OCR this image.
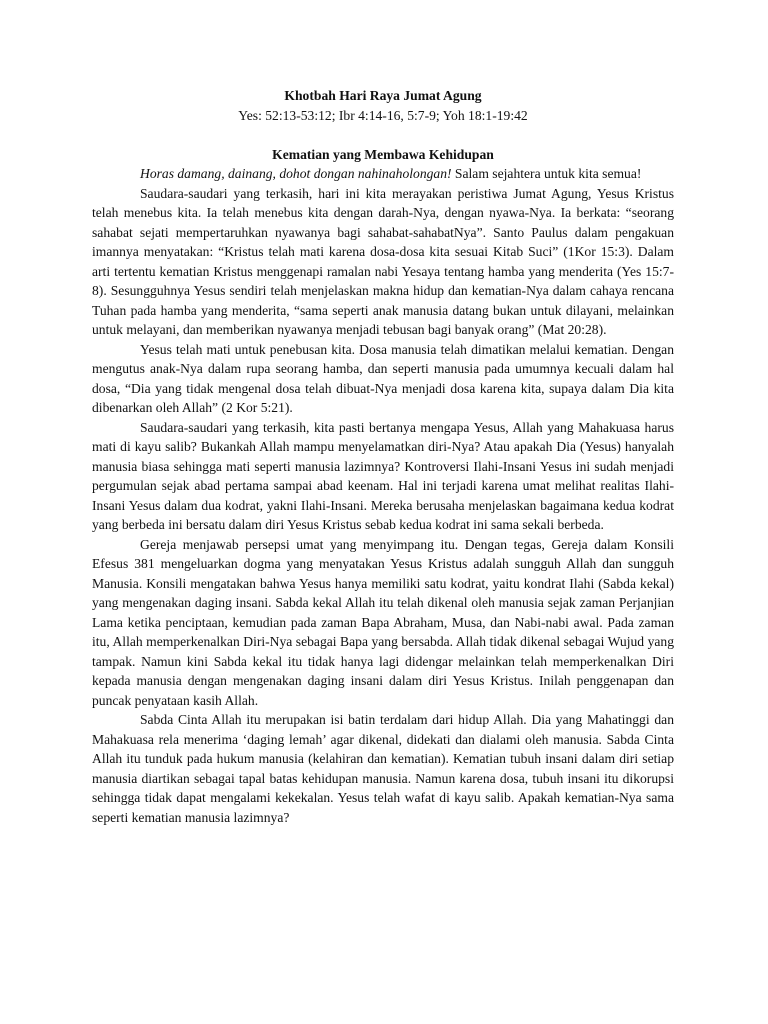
Khotbah Hari Raya Jumat Agung

Yes: 52:13-53:12; Ibr 4:14-16, 5:7-9; Yoh 18:1-19:42

Kematian yang Membawa Kehidupan

Horas damang, dainang, dohot dongan nahinaholongan! Salam sejahtera untuk kita semua!

Saudara-saudari yang terkasih, hari ini kita merayakan peristiwa Jumat Agung, Yesus Kristus telah menebus kita. Ia telah menebus kita dengan darah-Nya, dengan nyawa-Nya. Ia berkata: “seorang sahabat sejati mempertaruhkan nyawanya bagi sahabat-sahabatNya”. Santo Paulus dalam pengakuan imannya menyatakan: “Kristus telah mati karena dosa-dosa kita sesuai Kitab Suci” (1Kor 15:3). Dalam arti tertentu kematian Kristus menggenapi ramalan nabi Yesaya tentang hamba yang menderita (Yes 15:7-8). Sesungguhnya Yesus sendiri telah menjelaskan makna hidup dan kematian-Nya dalam cahaya rencana Tuhan pada hamba yang menderita, “sama seperti anak manusia datang bukan untuk dilayani, melainkan untuk melayani, dan memberikan nyawanya menjadi tebusan bagi banyak orang” (Mat 20:28).

Yesus telah mati untuk penebusan kita. Dosa manusia telah dimatikan melalui kematian. Dengan mengutus anak-Nya dalam rupa seorang hamba, dan seperti manusia pada umumnya kecuali dalam hal dosa, “Dia yang tidak mengenal dosa telah dibuat-Nya menjadi dosa karena kita, supaya dalam Dia kita dibenarkan oleh Allah” (2 Kor 5:21).

Saudara-saudari yang terkasih, kita pasti bertanya mengapa Yesus, Allah yang Mahakuasa harus mati di kayu salib? Bukankah Allah mampu menyelamatkan diri-Nya? Atau apakah Dia (Yesus) hanyalah manusia biasa sehingga mati seperti manusia lazimnya? Kontroversi Ilahi-Insani Yesus ini sudah menjadi pergumulan sejak abad pertama sampai abad keenam. Hal ini terjadi karena umat melihat realitas Ilahi-Insani Yesus dalam dua kodrat, yakni Ilahi-Insani. Mereka berusaha menjelaskan bagaimana kedua kodrat yang berbeda ini bersatu dalam diri Yesus Kristus sebab kedua kodrat ini sama sekali berbeda.

Gereja menjawab persepsi umat yang menyimpang itu. Dengan tegas, Gereja dalam Konsili Efesus 381 mengeluarkan dogma yang menyatakan Yesus Kristus adalah sungguh Allah dan sungguh Manusia. Konsili mengatakan bahwa Yesus hanya memiliki satu kodrat, yaitu kondrat Ilahi (Sabda kekal) yang mengenakan daging insani. Sabda kekal Allah itu telah dikenal oleh manusia sejak zaman Perjanjian Lama ketika penciptaan, kemudian pada zaman Bapa Abraham, Musa, dan Nabi-nabi awal. Pada zaman itu, Allah memperkenalkan Diri-Nya sebagai Bapa yang bersabda. Allah tidak dikenal sebagai Wujud yang tampak. Namun kini Sabda kekal itu tidak hanya lagi didengar melainkan telah memperkenalkan Diri kepada manusia dengan mengenakan daging insani dalam diri Yesus Kristus. Inilah penggenapan dan puncak penyataan kasih Allah.

Sabda Cinta Allah itu merupakan isi batin terdalam dari hidup Allah. Dia yang Mahatinggi dan Mahakuasa rela menerima ‘daging lemah’ agar dikenal, didekati dan dialami oleh manusia. Sabda Cinta Allah itu tunduk pada hukum manusia (kelahiran dan kematian). Kematian tubuh insani dalam diri setiap manusia diartikan sebagai tapal batas kehidupan manusia. Namun karena dosa, tubuh insani itu dikorupsi sehingga tidak dapat mengalami kekekalan. Yesus telah wafat di kayu salib. Apakah kematian-Nya sama seperti kematian manusia lazimnya?
